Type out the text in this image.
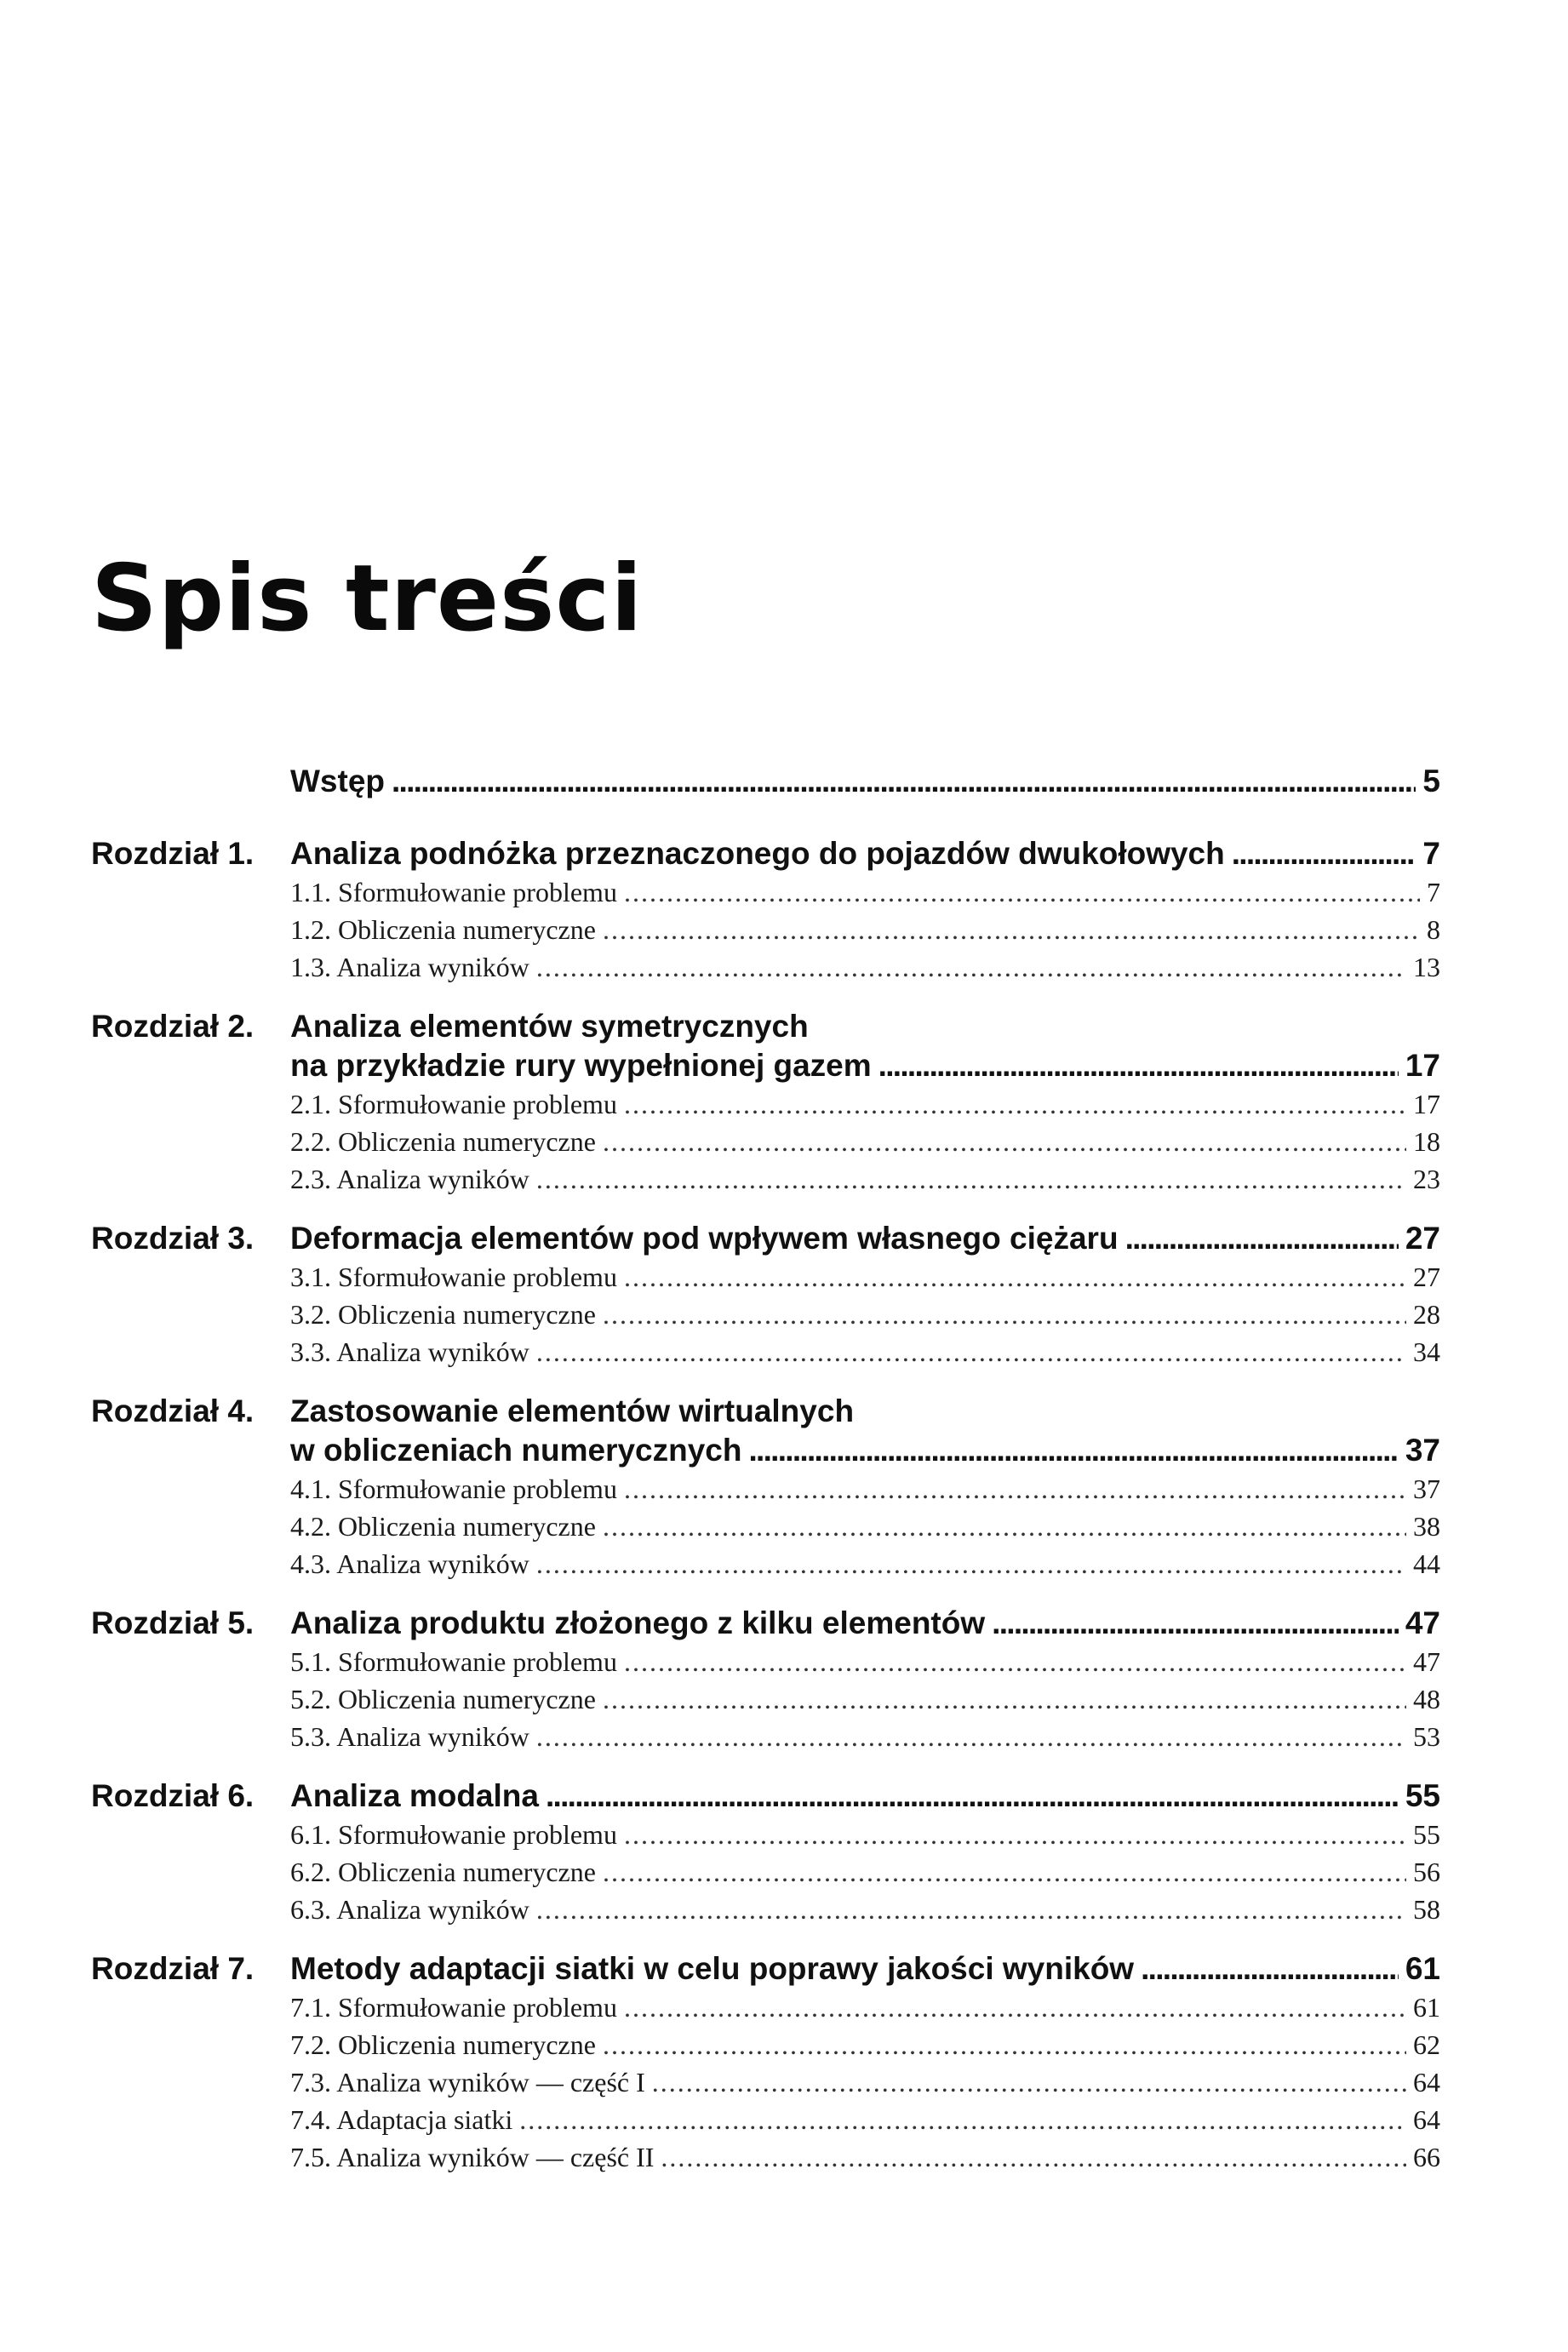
Spis treści
Wstęp . . .	5
Rozdział 1.	Analiza podnóżka przeznaczonego do pojazdów dwukołowych . . .	7
1.1. Sformułowanie problemu . . .	7
1.2. Obliczenia numeryczne . . .	8
1.3. Analiza wyników . . .	13
Rozdział 2.	Analiza elementów symetrycznych
na przykładzie rury wypełnionej gazem . . .	17
2.1. Sformułowanie problemu . . .	17
2.2. Obliczenia numeryczne . . .	18
2.3. Analiza wyników . . .	23
Rozdział 3.	Deformacja elementów pod wpływem własnego ciężaru . . .	27
3.1. Sformułowanie problemu . . .	27
3.2. Obliczenia numeryczne . . .	28
3.3. Analiza wyników . . .	34
Rozdział 4.	Zastosowanie elementów wirtualnych
w obliczeniach numerycznych . . .	37
4.1. Sformułowanie problemu . . .	37
4.2. Obliczenia numeryczne . . .	38
4.3. Analiza wyników . . .	44
Rozdział 5.	Analiza produktu złożonego z kilku elementów . . .	47
5.1. Sformułowanie problemu . . .	47
5.2. Obliczenia numeryczne . . .	48
5.3. Analiza wyników . . .	53
Rozdział 6.	Analiza modalna . . .	55
6.1. Sformułowanie problemu . . .	55
6.2. Obliczenia numeryczne . . .	56
6.3. Analiza wyników . . .	58
Rozdział 7.	Metody adaptacji siatki w celu poprawy jakości wyników . . .	61
7.1. Sformułowanie problemu . . .	61
7.2. Obliczenia numeryczne . . .	62
7.3. Analiza wyników — część I . . .	64
7.4. Adaptacja siatki . . .	64
7.5. Analiza wyników — część II . . .	66
